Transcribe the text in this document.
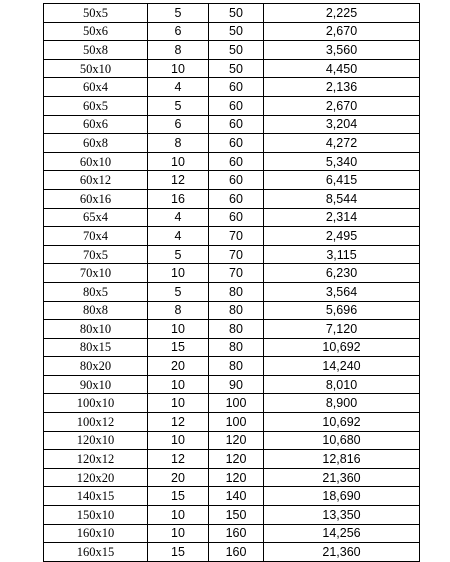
50x5	5	50	2,225
50x6	6	50	2,670
50x8	8	50	3,560
50x10	10	50	4,450
60x4	4	60	2,136
60x5	5	60	2,670
60x6	6	60	3,204
60x8	8	60	4,272
60x10	10	60	5,340
60x12	12	60	6,415
60x16	16	60	8,544
65x4	4	60	2,314
70x4	4	70	2,495
70x5	5	70	3,115
70x10	10	70	6,230
80x5	5	80	3,564
80x8	8	80	5,696
80x10	10	80	7,120
80x15	15	80	10,692
80x20	20	80	14,240
90x10	10	90	8,010
100x10	10	100	8,900
100x12	12	100	10,692
120x10	10	120	10,680
120x12	12	120	12,816
120x20	20	120	21,360
140x15	15	140	18,690
150x10	10	150	13,350
160x10	10	160	14,256
160x15	15	160	21,360
